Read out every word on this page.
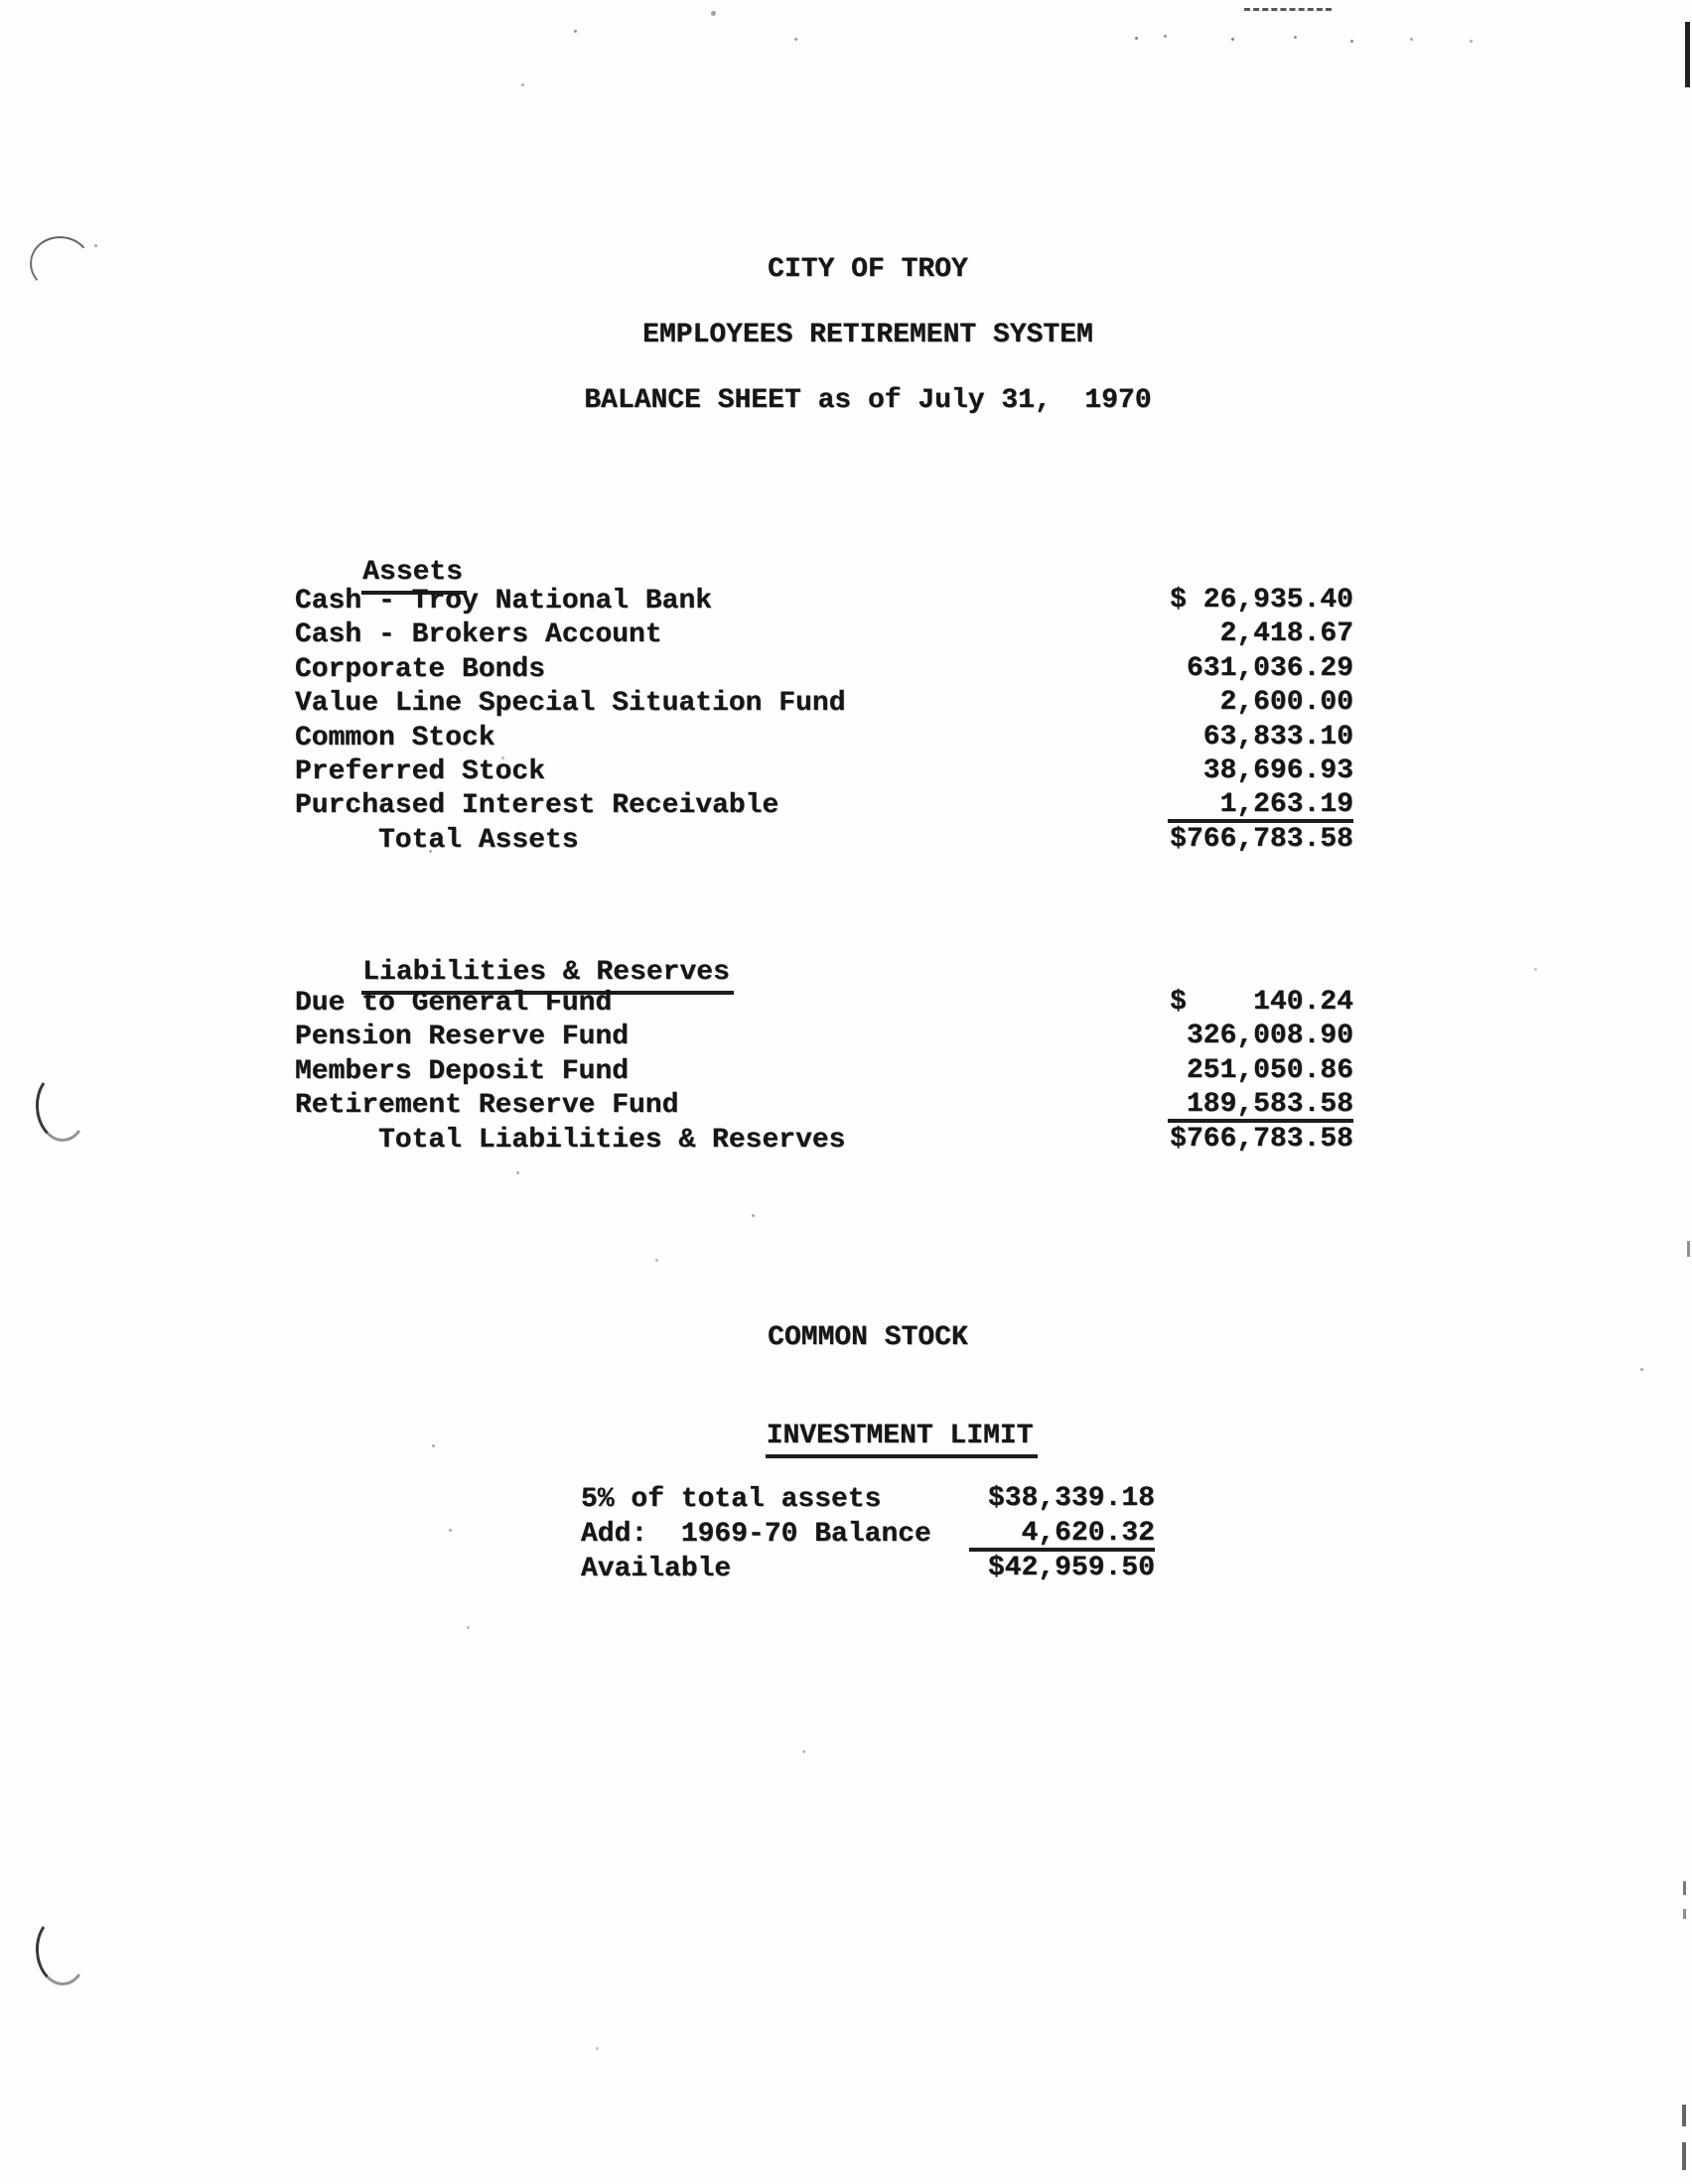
CITY OF TROY
EMPLOYEES RETIREMENT SYSTEM
BALANCE SHEET as of July 31,  1970

Assets

Cash - Troy National Bank	$ 26,935.40
Cash - Brokers Account	2,418.67
Corporate Bonds	631,036.29
Value Line Special Situation Fund	2,600.00
Common Stock	63,833.10
Preferred Stock	38,696.93
Purchased Interest Receivable	1,263.19
Total Assets	$766,783.58

Liabilities & Reserves

Due to General Fund	$    140.24
Pension Reserve Fund	326,008.90
Members Deposit Fund	251,050.86
Retirement Reserve Fund	189,583.58
Total Liabilities & Reserves	$766,783.58
COMMON STOCK

INVESTMENT LIMIT

5% of total assets	$38,339.18
Add:  1969-70 Balance	4,620.32
Available	$42,959.50
